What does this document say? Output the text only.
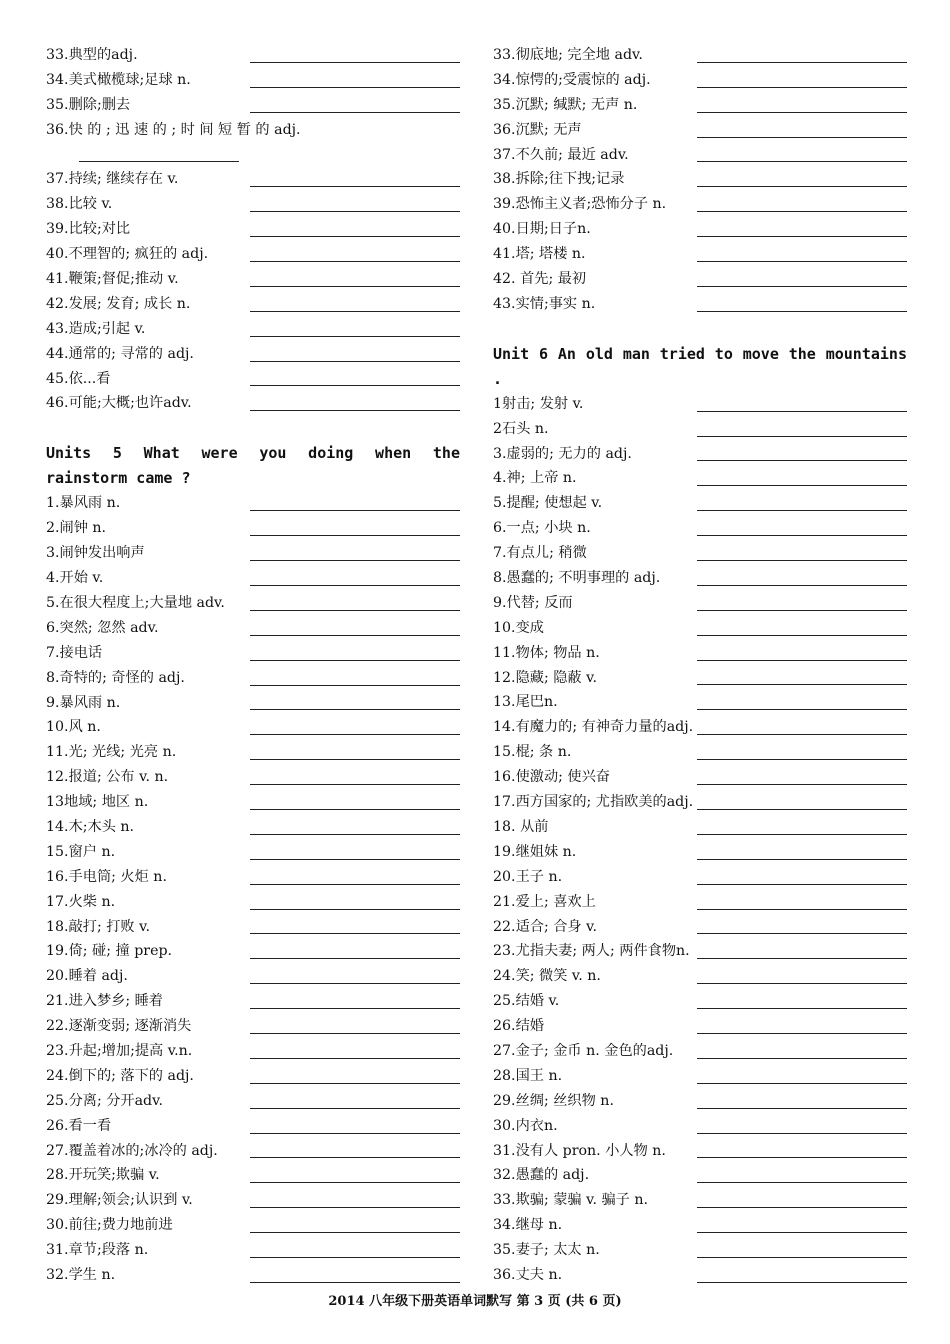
33.典型的adj.
34.美式橄榄球;足球 n.
35.删除;删去
36.快 的 ; 迅 速 的 ; 时 间 短 暂 的 adj.
37.持续; 继续存在 v.
38.比较 v.
39.比较;对比
40.不理智的; 疯狂的 adj.
41.鞭策;督促;推动 v.
42.发展; 发育; 成长 n.
43.造成;引起 v.
44.通常的; 寻常的 adj.
45.依...看
46.可能;大概;也许adv.
Units 5 What were you doing when the rainstorm came ?
1.暴风雨 n.
2.闹钟 n.
3.闹钟发出响声
4.开始 v.
5.在很大程度上;大量地 adv.
6.突然; 忽然 adv.
7.接电话
8.奇特的; 奇怪的 adj.
9.暴风雨 n.
10.风 n.
11.光; 光线; 光亮 n.
12.报道; 公布 v. n.
13地域; 地区 n.
14.木;木头 n.
15.窗户 n.
16.手电筒; 火炬 n.
17.火柴 n.
18.敲打; 打败 v.
19.倚; 碰; 撞 prep.
20.睡着 adj.
21.进入梦乡; 睡着
22.逐渐变弱; 逐渐消失
23.升起;增加;提高 v.n.
24.倒下的; 落下的 adj.
25.分离; 分开adv.
26.看一看
27.覆盖着冰的;冰冷的 adj.
28.开玩笑;欺骗 v.
29.理解;领会;认识到 v.
30.前往;费力地前进
31.章节;段落 n.
32.学生 n.
33.彻底地; 完全地 adv.
34.惊愕的;受震惊的 adj.
35.沉默; 缄默; 无声 n.
36.沉默; 无声
37.不久前; 最近 adv.
38.拆除;往下拽;记录
39.恐怖主义者;恐怖分子 n.
40.日期;日子n.
41.塔; 塔楼 n.
42. 首先; 最初
43.实情;事实 n.
Unit 6 An old man tried to move the mountains .
1射击; 发射 v.
2石头 n.
3.虚弱的; 无力的 adj.
4.神; 上帝 n.
5.提醒; 使想起 v.
6.一点; 小块 n.
7.有点儿; 稍微
8.愚蠢的; 不明事理的 adj.
9.代替; 反而
10.变成
11.物体; 物品 n.
12.隐藏; 隐蔽 v.
13.尾巴n.
14.有魔力的; 有神奇力量的adj.
15.棍; 条 n.
16.使激动; 使兴奋
17.西方国家的; 尤指欧美的adj.
18. 从前
19.继姐妹 n.
20.王子 n.
21.爱上; 喜欢上
22.适合; 合身 v.
23.尤指夫妻; 两人; 两件食物n.
24.笑; 微笑 v. n.
25.结婚 v.
26.结婚
27.金子; 金币 n. 金色的adj.
28.国王 n.
29.丝绸; 丝织物 n.
30.内衣n.
31.没有人 pron. 小人物 n.
32.愚蠢的 adj.
33.欺骗; 蒙骗 v. 骗子 n.
34.继母 n.
35.妻子; 太太 n.
36.丈夫 n.
2014 八年级下册英语单词默写 第 3 页 (共 6 页)
